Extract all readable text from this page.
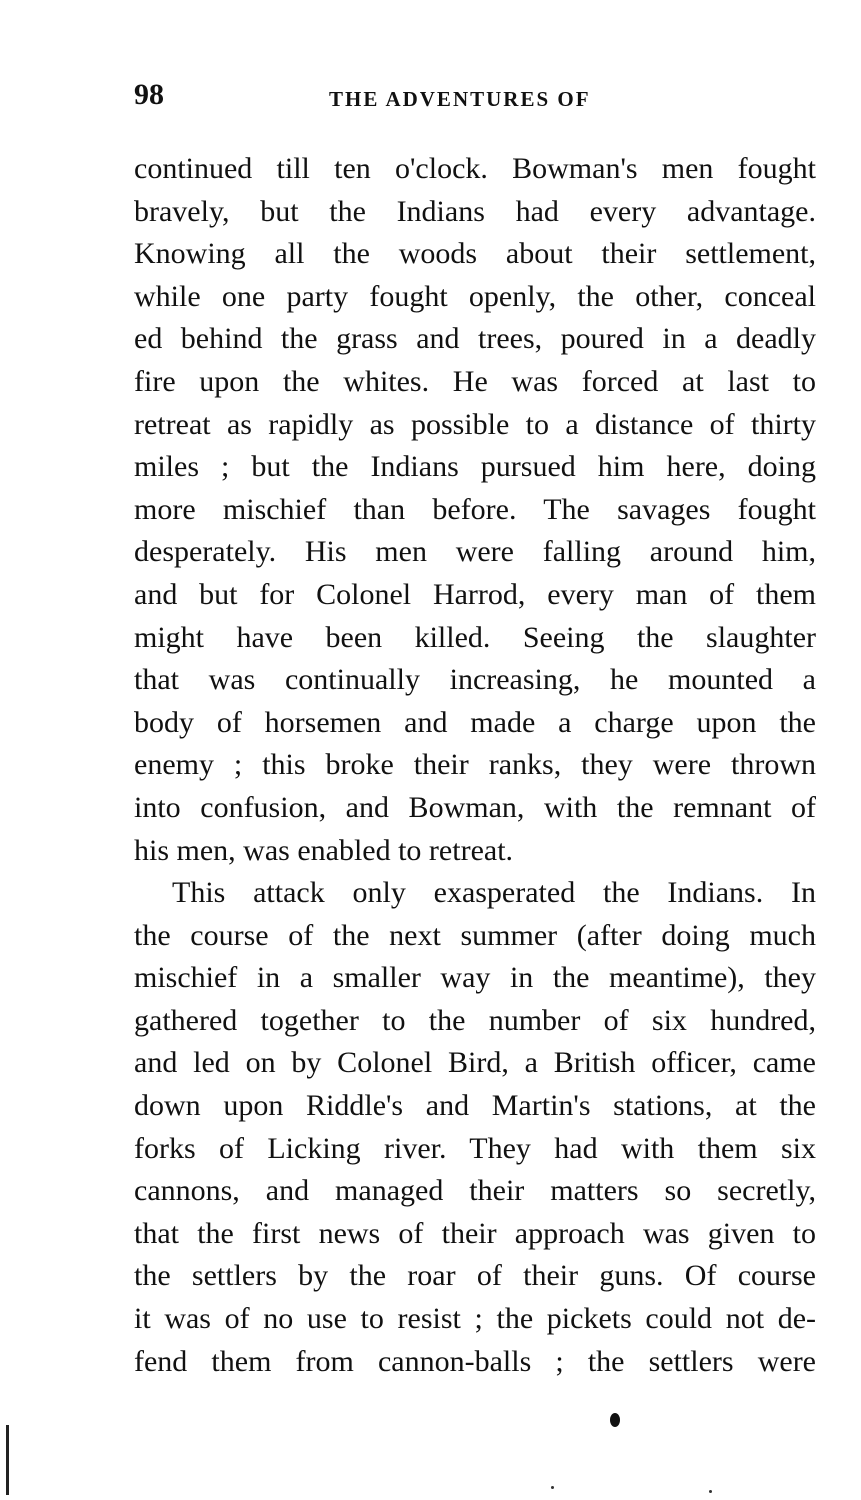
98	THE ADVENTURES OF
continued till ten o'clock. Bowman's men fought
bravely, but the Indians had every advantage.
Knowing all the woods about their settlement,
while one party fought openly, the other, conceal
ed behind the grass and trees, poured in a deadly
fire upon the whites. He was forced at last to
retreat as rapidly as possible to a distance of thirty
miles ; but the Indians pursued him here, doing
more mischief than before. The savages fought
desperately. His men were falling around him,
and but for Colonel Harrod, every man of them
might have been killed. Seeing the slaughter
that was continually increasing, he mounted a
body of horsemen and made a charge upon the
enemy ; this broke their ranks, they were thrown
into confusion, and Bowman, with the remnant of
his men, was enabled to retreat.
This attack only exasperated the Indians. In
the course of the next summer (after doing much
mischief in a smaller way in the meantime), they
gathered together to the number of six hundred,
and led on by Colonel Bird, a British officer, came
down upon Riddle's and Martin's stations, at the
forks of Licking river. They had with them six
cannons, and managed their matters so secretly,
that the first news of their approach was given to
the settlers by the roar of their guns. Of course
it was of no use to resist ; the pickets could not de-
fend them from cannon-balls ; the settlers were
